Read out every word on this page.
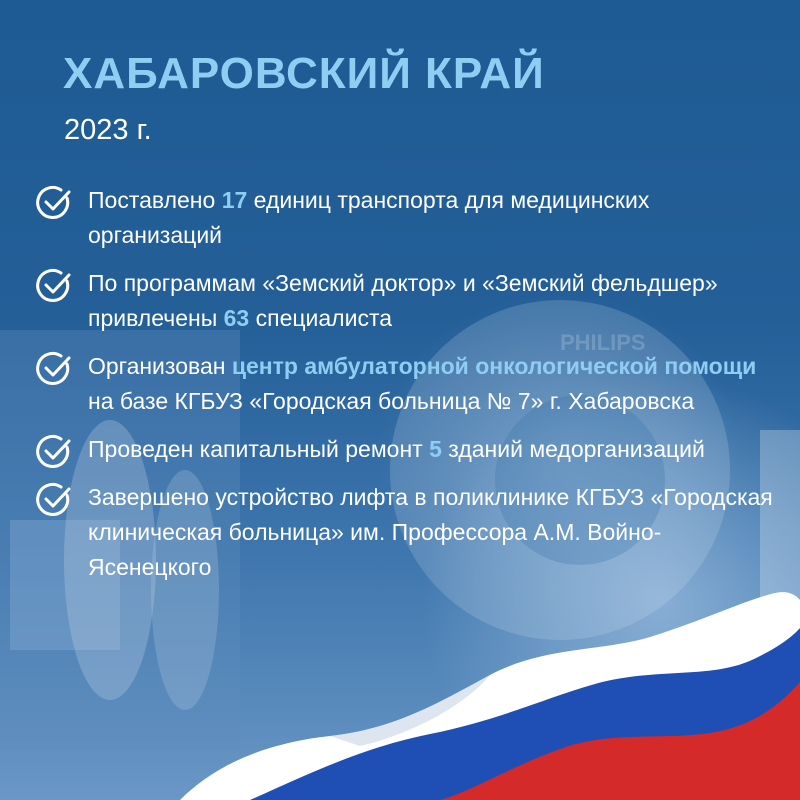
PHILIPS
ХАБАРОВСКИЙ КРАЙ
2023 г.
Поставлено 17 единиц транспорта для медицинских организаций
По программам «Земский доктор» и «Земский фельдшер» привлечены 63 специалиста
Организован центр амбулаторной онкологической помощи на базе КГБУЗ «Городская больница № 7» г. Хабаровска
Проведен капитальный ремонт 5 зданий медорганизаций
Завершено устройство лифта в поликлинике КГБУЗ «Городская клиническая больница» им. Профессора А.М. Войно-Ясенецкого
